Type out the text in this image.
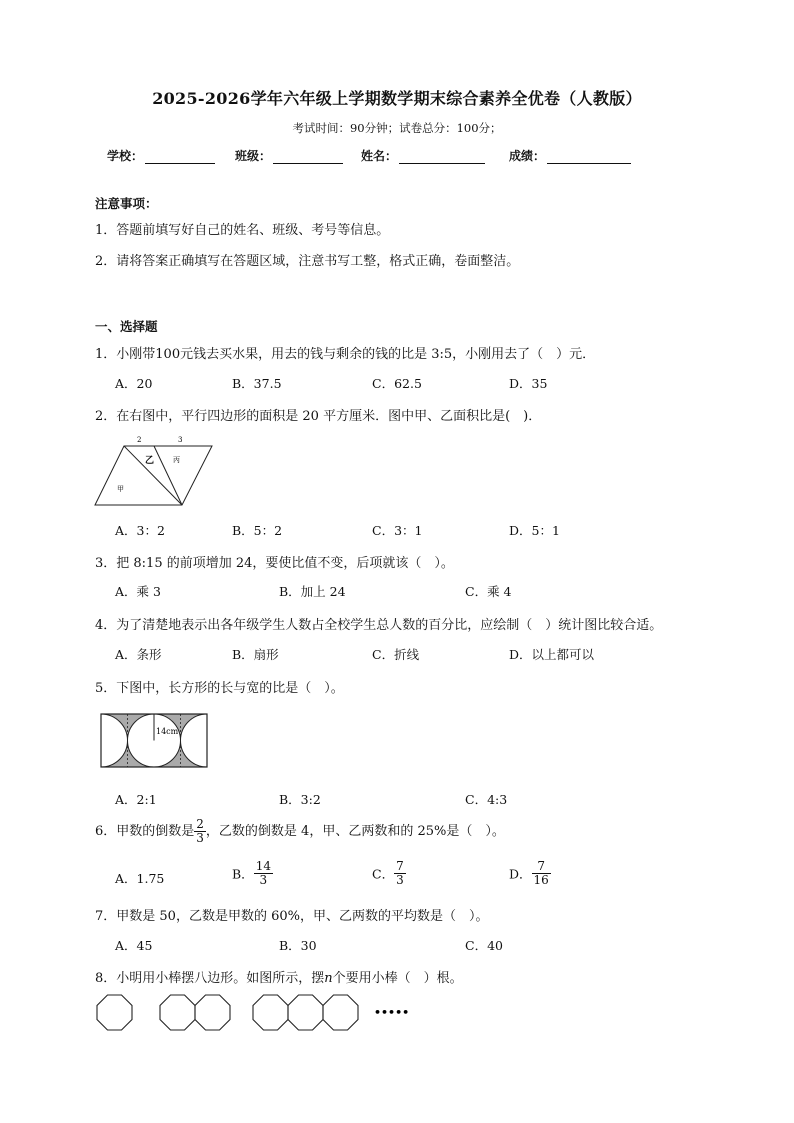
2025-2026学年六年级上学期数学期末综合素养全优卷（人教版）
考试时间：90分钟；试卷总分：100分；
学校：	班级：	姓名：	成绩：
注意事项：
1．答题前填写好自己的姓名、班级、考号等信息。
2．请将答案正确填写在答题区域，注意书写工整，格式正确，卷面整洁。
一、选择题
1．小刚带100元钱去买水果，用去的钱与剩余的钱的比是 3:5，小刚用去了（　）元．
A．20	B．37.5	C．62.5	D．35
2．在右图中，平行四边形的面积是 20 平方厘米．图中甲、乙面积比是(　)．
2	3
乙	丙
甲
A．3：2	B．5：2	C．3：1	D．5：1
3．把 8:15 的前项增加 24，要使比值不变，后项就该（　）。
A．乘 3	B．加上 24	C．乘 4
4．为了清楚地表示出各年级学生人数占全校学生总人数的百分比，应绘制（　）统计图比较合适。
A．条形	B．扇形	C．折线	D．以上都可以
5．下图中，长方形的长与宽的比是（　）。
14cm
A．2:1	B．3:2	C．4:3
6．甲数的倒数是 $\frac{2}{3}$ ，乙数的倒数是 4，甲、乙两数和的 25%是（　）。
A．1.75	B． $\frac{14}{3}$	C． $\frac{7}{3}$	D． $\frac{7}{16}$
7．甲数是 50，乙数是甲数的 60%，甲、乙两数的平均数是（　）。
A．45	B．30	C．40
8．小明用小棒摆八边形。如图所示，摆n个要用小棒（　）根。
•••••
